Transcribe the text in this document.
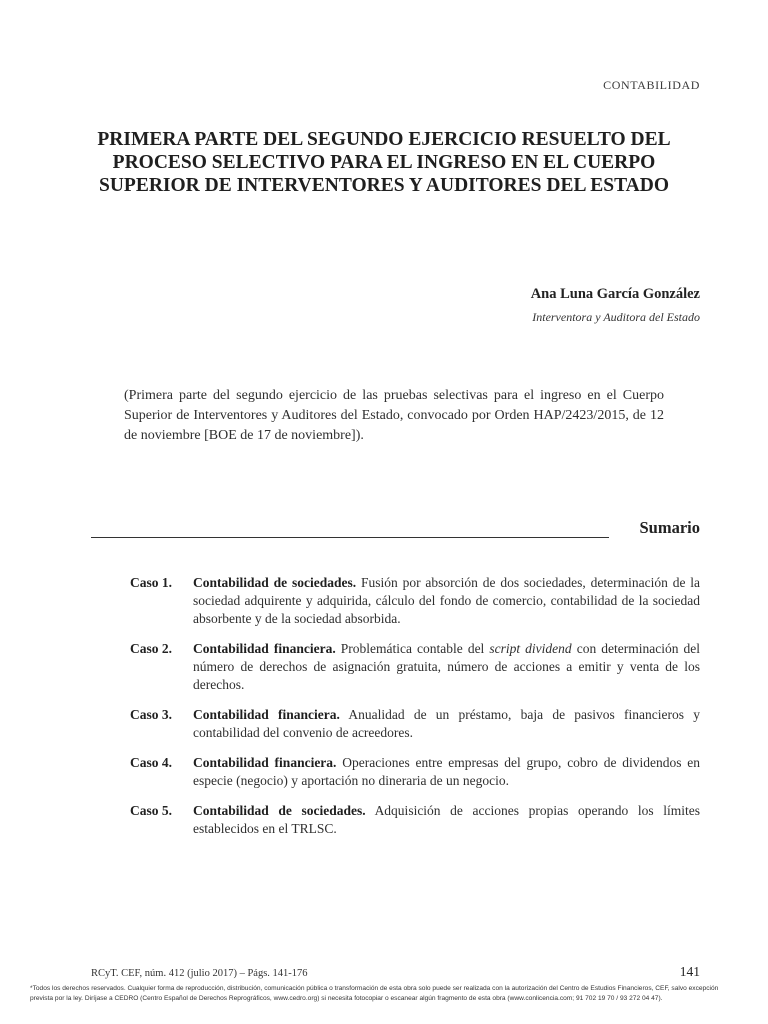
CONTABILIDAD
PRIMERA PARTE DEL SEGUNDO EJERCICIO RESUELTO DEL PROCESO SELECTIVO PARA EL INGRESO EN EL CUERPO SUPERIOR DE INTERVENTORES Y AUDITORES DEL ESTADO
Ana Luna García González
Interventora y Auditora del Estado

(Primera parte del segundo ejercicio de las pruebas selectivas para el ingreso en el Cuerpo Superior de Interventores y Auditores del Estado, convocado por Orden HAP/2423/2015, de 12 de noviembre [BOE de 17 de noviembre]).

Sumario
Caso 1.	Contabilidad de sociedades. Fusión por absorción de dos sociedades, determinación de la sociedad adquirente y adquirida, cálculo del fondo de comercio, contabilidad de la sociedad absorbente y de la sociedad absorbida.
Caso 2.	Contabilidad financiera. Problemática contable del script dividend con determinación del número de derechos de asignación gratuita, número de acciones a emitir y venta de los derechos.
Caso 3.	Contabilidad financiera. Anualidad de un préstamo, baja de pasivos financieros y contabilidad del convenio de acreedores.
Caso 4.	Contabilidad financiera. Operaciones entre empresas del grupo, cobro de dividendos en especie (negocio) y aportación no dineraria de un negocio.
Caso 5.	Contabilidad de sociedades. Adquisición de acciones propias operando los límites establecidos en el TRLSC.
RCyT. CEF, núm. 412 (julio 2017) – Págs. 141-176	141

*Todos los derechos reservados. Cualquier forma de reproducción, distribución, comunicación pública o transformación de esta obra solo puede ser realizada con la autorización del Centro de Estudios Financieros, CEF, salvo excepción prevista por la ley. Diríjase a CEDRO (Centro Español de Derechos Reprográficos, www.cedro.org) si necesita fotocopiar o escanear algún fragmento de esta obra (www.conlicencia.com; 91 702 19 70 / 93 272 04 47).
